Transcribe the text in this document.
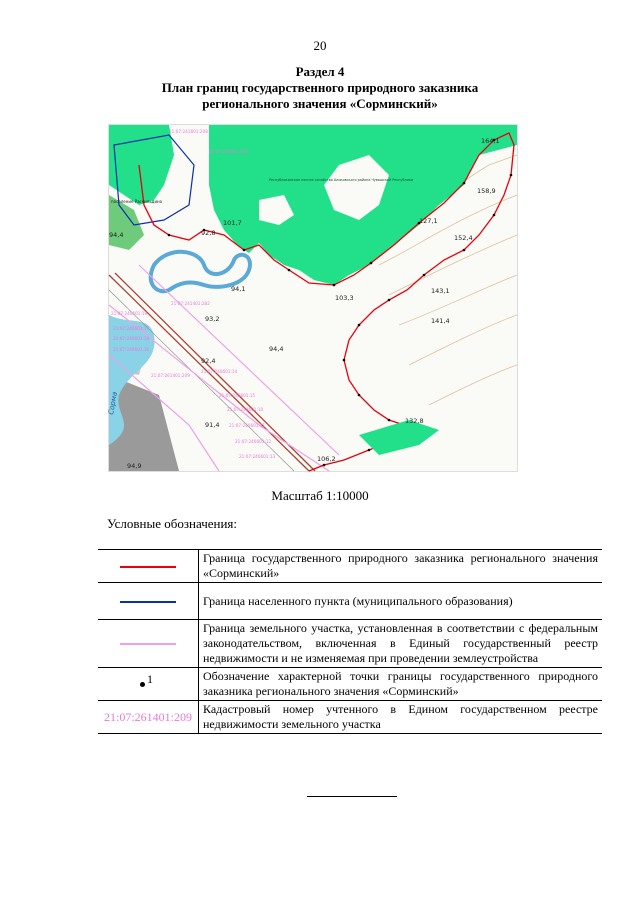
20
Раздел 4
План границ государственного природного заказника
регионального значения «Сорминский»
164,1
158,9
152,4
127,1
101,7
92,8
94,4
94,1
93,2
103,3
143,1
141,4
94,4
91,4
92,4
94,9
132,8
106,2
21:07:241601:208
21:07:241601:283
21:07:241401:282
21:07:240601:19
21:07:240603:17
21:07:240603:18
21:07:240603:16
21:07:261401:209
21:07:240601:14
21:07:240601:15
21:07:240601:10
21:07:240601:11
21:07:240601:12
21:07:240601:13
Республиканское лесное хозяйство Аликовского района Чувашской Республики
поселение Раскильдино
Сорма
Масштаб 1:10000
Условные обозначения:
	Граница государственного природного заказника регионального значения «Сорминский»
	Граница населенного пункта (муниципального образования)
	Граница земельного участка, установленная в соответствии с федеральным законодательством, включенная в Единый государственный реестр недвижимости и не изменяемая при проведении землеустройства

1	Обозначение характерной точки границы государственного природного заказника регионального значения «Сорминский»
21:07:261401:209	Кадастровый номер учтенного в Едином государственном реестре недвижимости земельного участка
